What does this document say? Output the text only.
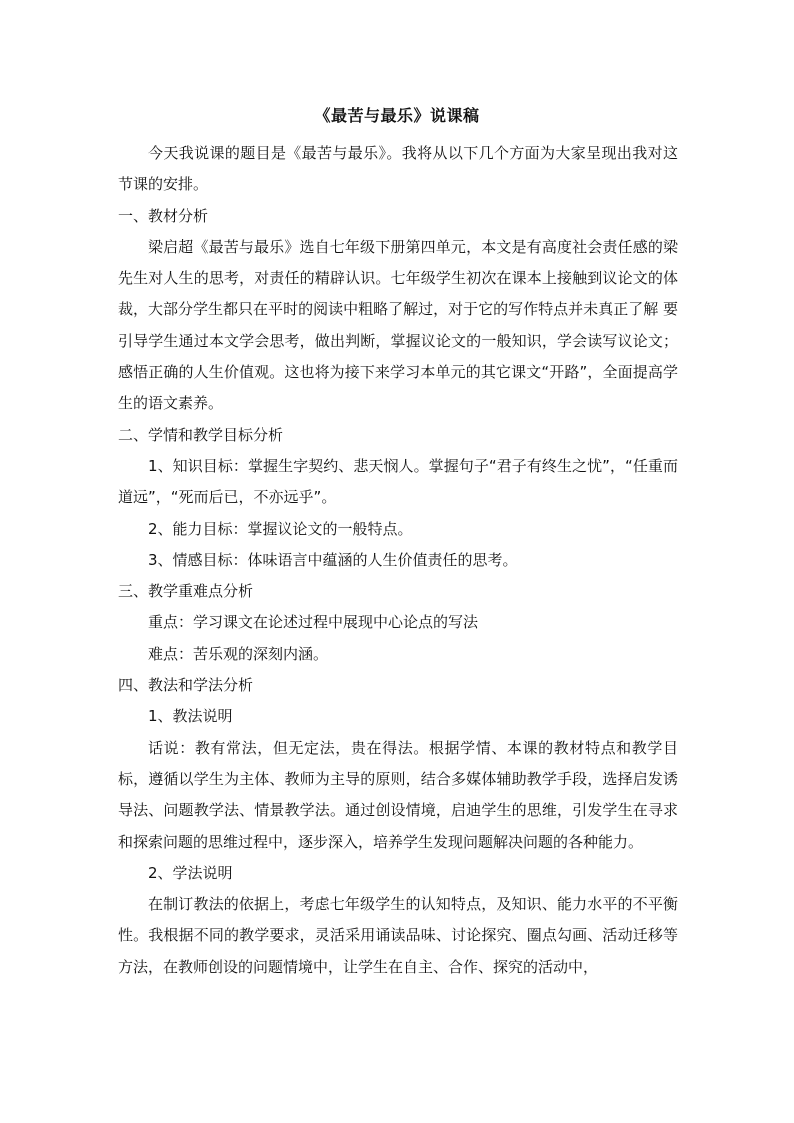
《最苦与最乐》说课稿

今天我说课的题目是《最苦与最乐》。我将从以下几个方面为大家呈现出我对这节课的安排。

一、教材分析

梁启超《最苦与最乐》选自七年级下册第四单元，本文是有高度社会责任感的梁先生对人生的思考，对责任的精辟认识。七年级学生初次在课本上接触到议论文的体裁，大部分学生都只在平时的阅读中粗略了解过，对于它的写作特点并未真正了解 要引导学生通过本文学会思考，做出判断，掌握议论文的一般知识，学会读写议论文；感悟正确的人生价值观。这也将为接下来学习本单元的其它课文“开路”，全面提高学生的语文素养。

二、学情和教学目标分析

1、知识目标：掌握生字契约、悲天悯人。掌握句子“君子有终生之忧”，“任重而道远”，“死而后已，不亦远乎”。

2、能力目标：掌握议论文的一般特点。

3、情感目标：体味语言中蕴涵的人生价值责任的思考。

三、教学重难点分析

重点：学习课文在论述过程中展现中心论点的写法

难点：苦乐观的深刻内涵。

四、教法和学法分析

1、教法说明

话说：教有常法，但无定法，贵在得法。根据学情、本课的教材特点和教学目标，遵循以学生为主体、教师为主导的原则，结合多媒体辅助教学手段，选择启发诱导法、问题教学法、情景教学法。通过创设情境，启迪学生的思维，引发学生在寻求和探索问题的思维过程中，逐步深入，培养学生发现问题解决问题的各种能力。

2、学法说明

在制订教法的依据上，考虑七年级学生的认知特点，及知识、能力水平的不平衡性。我根据不同的教学要求，灵活采用诵读品味、讨论探究、圈点勾画、活动迁移等方法，在教师创设的问题情境中，让学生在自主、合作、探究的活动中，
